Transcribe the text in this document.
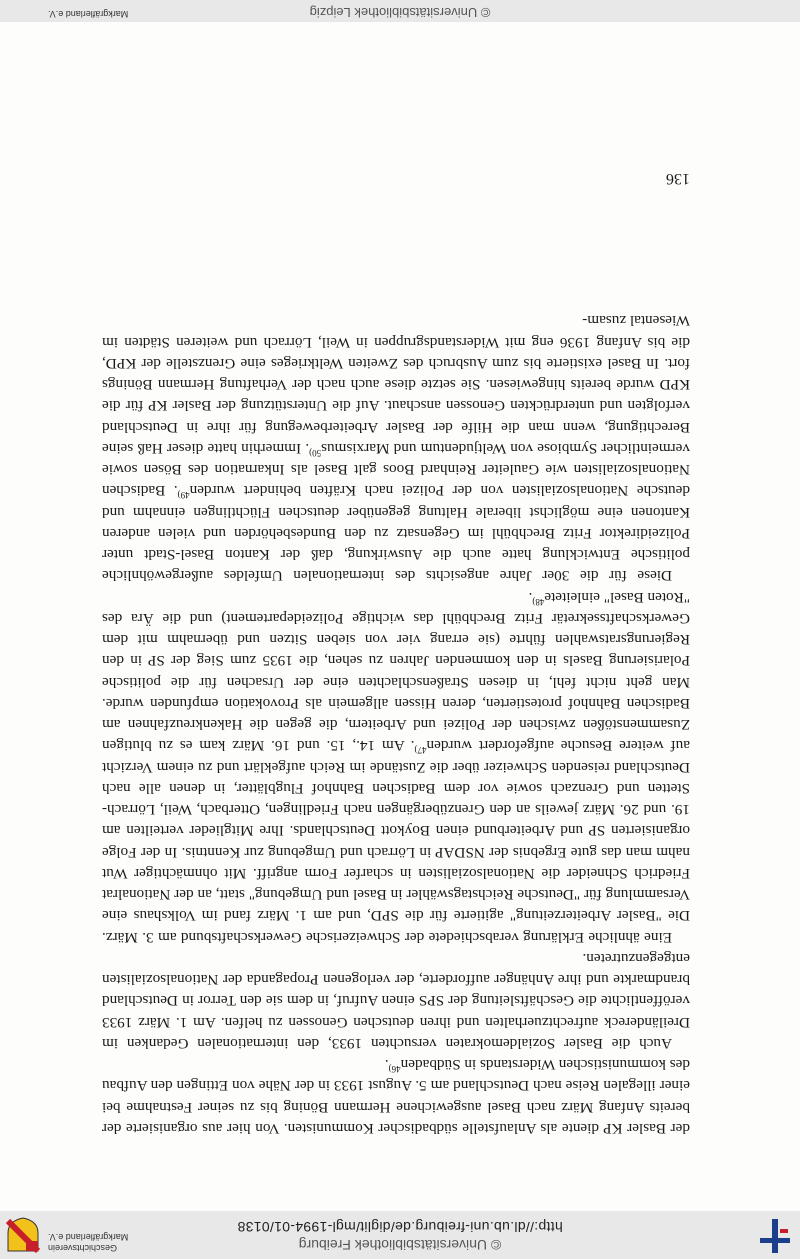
© Universitätsbibliothek Freiburg
http://dl.ub.uni-freiburg.de/diglit/mgl-1994-01/0138
Geschichtsverein
Markgräflerland e.V.

der Basler KP diente als Anlaufstelle südbadischer Kommunisten. Von hier aus organisierte der bereits Anfang März nach Basel ausgewichene Hermann Böning bis zu seiner Festnahme bei einer illegalen Reise nach Deutschland am 5. August 1933 in der Nähe von Ettingen den Aufbau des kommunistischen Widerstands in Südbaden$^{46)}$.

Auch die Basler Sozialdemokraten versuchten 1933, den internationalen Gedanken im Dreiländereck aufrechtzuerhalten und ihren deutschen Genossen zu helfen. Am 1. März 1933 veröffentlichte die Geschäftsleitung der SPS einen Aufruf, in dem sie den Terror in Deutschland brandmarkte und ihre Anhänger aufforderte, der verlogenen Propaganda der Nationalsozialisten entgegenzutreten.

Eine ähnliche Erklärung verabschiedete der Schweizerische Gewerkschaftsbund am 3. März. Die "Basler Arbeiterzeitung" agitierte für die SPD, und am 1. März fand im Volkshaus eine Versammlung für "Deutsche Reichstagswähler in Basel und Umgebung" statt, an der Nationalrat Friedrich Schneider die Nationalsozialisten in scharfer Form angriff. Mit ohnmächtiger Wut nahm man das gute Ergebnis der NSDAP in Lörrach und Umgebung zur Kenntnis. In der Folge organisierten SP und Arbeiterbund einen Boykott Deutschlands. Ihre Mitglieder verteilten am 19. und 26. März jeweils an den Grenzübergängen nach Friedlingen, Otterbach, Weil, Lörrach-Stetten und Grenzach sowie vor dem Badischen Bahnhof Flugblätter, in denen alle nach Deutschland reisenden Schweizer über die Zustände im Reich aufgeklärt und zu einem Verzicht auf weitere Besuche aufgefordert wurden$^{47)}$. Am 14., 15. und 16. März kam es zu blutigen Zusammenstößen zwischen der Polizei und Arbeitern, die gegen die Hakenkreuzfahnen am Badischen Bahnhof protestierten, deren Hissen allgemein als Provokation empfunden wurde. Man geht nicht fehl, in diesen Straßenschlachten eine der Ursachen für die politische Polarisierung Basels in den kommenden Jahren zu sehen, die 1935 zum Sieg der SP in den Regierungsratswahlen führte (sie errang vier von sieben Sitzen und übernahm mit dem Gewerkschaftssekretär Fritz Brechbühl das wichtige Polizeidepartement) und die Ära des "Roten Basel" einleitete$^{48)}$.

Diese für die 30er Jahre angesichts des internationalen Umfeldes außergewöhnliche politische Entwicklung hatte auch die Auswirkung, daß der Kanton Basel-Stadt unter Polizeidirektor Fritz Brechbühl im Gegensatz zu den Bundesbehörden und vielen anderen Kantonen eine möglichst liberale Haltung gegenüber deutschen Flüchtlingen einnahm und deutsche Nationalsozialisten von der Polizei nach Kräften behindert wurden$^{49)}$. Badischen Nationalsozialisten wie Gauleiter Reinhard Boos galt Basel als Inkarnation des Bösen sowie vermeintlicher Symbiose von Weltjudentum und Marxismus$^{50)}$. Immerhin hatte dieser Haß seine Berechtigung, wenn man die Hilfe der Basler Arbeiterbewegung für ihre in Deutschland verfolgten und unterdrückten Genossen anschaut. Auf die Unterstützung der Basler KP für die KPD wurde bereits hingewiesen. Sie setzte diese auch nach der Verhaftung Hermann Bönings fort. In Basel existierte bis zum Ausbruch des Zweiten Weltkrieges eine Grenzstelle der KPD, die bis Anfang 1936 eng mit Widerstandsgruppen in Weil, Lörrach und weiteren Städten im Wiesental zusam-

136
© Universitätsbibliothek Leipzig
Markgräflerland e.V.
